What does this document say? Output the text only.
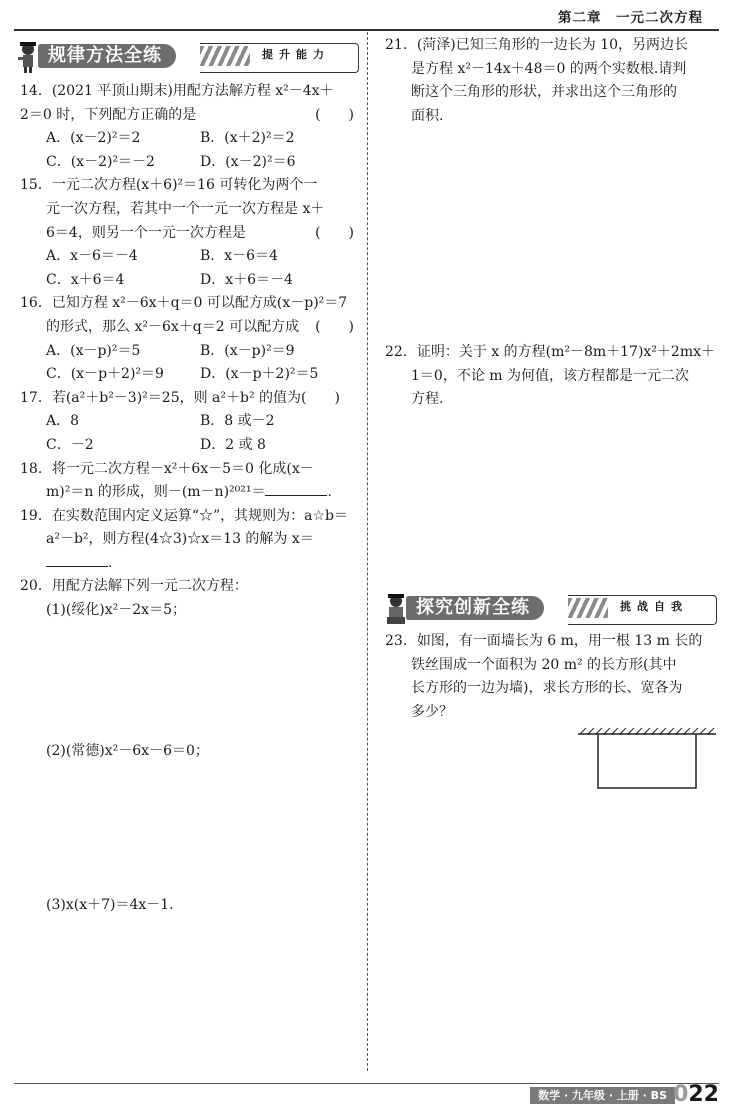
第二章　一元二次方程
规律方法全练	提升能力
14．(2021 平顶山期末)用配方法解方程 x²－4x＋
2＝0 时，下列配方正确的是	(　　)
A．(x－2)²＝2	B．(x＋2)²＝2
C．(x－2)²＝－2	D．(x－2)²＝6
15．一元二次方程(x＋6)²＝16 可转化为两个一
元一次方程，若其中一个一元一次方程是 x＋
6＝4，则另一个一元一次方程是	(　　)
A．x－6＝－4	B．x－6＝4
C．x＋6＝4	D．x＋6＝－4
16．已知方程 x²－6x＋q＝0 可以配方成(x－p)²＝7
的形式，那么 x²－6x＋q＝2 可以配方成 (　　)
A．(x－p)²＝5	B．(x－p)²＝9
C．(x－p＋2)²＝9	D．(x－p＋2)²＝5
17．若(a²＋b²－3)²＝25，则 a²＋b² 的值为(　　)
A．8	B．8 或－2
C．－2	D．2 或 8
18．将一元二次方程－x²＋6x－5＝0 化成(x－
m)²＝n 的形成，则－(m－n)²⁰²¹＝	.
19．在实数范围内定义运算“☆”，其规则为：a☆b＝
a²－b²，则方程(4☆3)☆x＝13 的解为 x＝
.
20．用配方法解下列一元二次方程：
(1)(绥化)x²－2x＝5；
(2)(常德)x²－6x－6＝0；
(3)x(x＋7)＝4x－1.
21．(菏泽)已知三角形的一边长为 10，另两边长
是方程 x²－14x＋48＝0 的两个实数根.请判
断这个三角形的形状，并求出这个三角形的
面积.
22．证明：关于 x 的方程(m²－8m＋17)x²＋2mx＋
1＝0，不论 m 为何值，该方程都是一元二次
方程.
探究创新全练	挑战自我
23．如图，有一面墙长为 6 m，用一根 13 m 长的
铁丝围成一个面积为 20 m² 的长方形(其中
长方形的一边为墙)，求长方形的长、宽各为
多少？
数学 · 九年级 · 上册 · BS 022
